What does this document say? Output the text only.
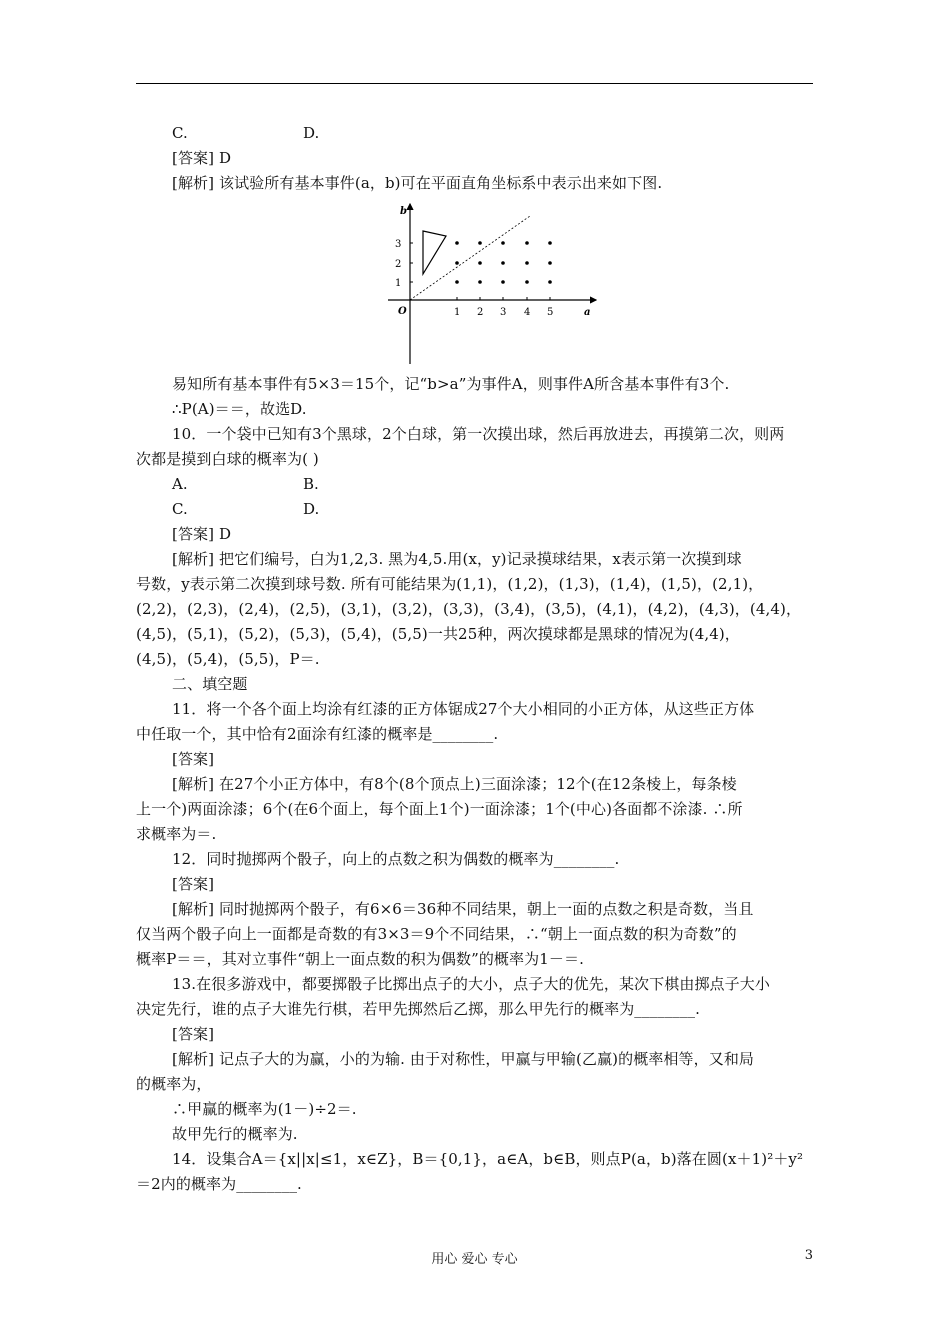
C.	D.
[答案] D
[解析] 该试验所有基本事件(a，b)可在平面直角坐标系中表示出来如下图.
b
a
O	1 2 3 4 5
1
2
3
易知所有基本事件有5×3＝15个，记“b>a”为事件A，则事件A所含基本事件有3个.
∴P(A)＝＝，故选D.
10．一个袋中已知有3个黑球，2个白球，第一次摸出球，然后再放进去，再摸第二次，则两
次都是摸到白球的概率为( )
A.	B.
C.	D.
[答案] D
[解析] 把它们编号，白为1,2,3. 黑为4,5.用(x，y)记录摸球结果，x表示第一次摸到球
号数，y表示第二次摸到球号数. 所有可能结果为(1,1)，(1,2)，(1,3)，(1,4)，(1,5)，(2,1)，
(2,2)，(2,3)，(2,4)，(2,5)，(3,1)，(3,2)，(3,3)，(3,4)，(3,5)，(4,1)，(4,2)，(4,3)，(4,4)，
(4,5)，(5,1)，(5,2)，(5,3)，(5,4)，(5,5)一共25种，两次摸球都是黑球的情况为(4,4)，
(4,5)，(5,4)，(5,5)，P＝.
二、填空题
11．将一个各个面上均涂有红漆的正方体锯成27个大小相同的小正方体，从这些正方体
中任取一个，其中恰有2面涂有红漆的概率是________.
[答案]
[解析] 在27个小正方体中，有8个(8个顶点上)三面涂漆；12个(在12条棱上，每条棱
上一个)两面涂漆；6个(在6个面上，每个面上1个)一面涂漆；1个(中心)各面都不涂漆. ∴所
求概率为＝.
12．同时抛掷两个骰子，向上的点数之积为偶数的概率为________.
[答案]
[解析] 同时抛掷两个骰子，有6×6＝36种不同结果，朝上一面的点数之积是奇数，当且
仅当两个骰子向上一面都是奇数的有3×3＝9个不同结果，∴“朝上一面点数的积为奇数”的
概率P＝＝，其对立事件“朝上一面点数的积为偶数”的概率为1－＝.
13.在很多游戏中，都要掷骰子比掷出点子的大小，点子大的优先，某次下棋由掷点子大小
决定先行，谁的点子大谁先行棋，若甲先掷然后乙掷，那么甲先行的概率为________.
[答案]
[解析] 记点子大的为赢，小的为输. 由于对称性，甲赢与甲输(乙赢)的概率相等，又和局
的概率为，
∴甲赢的概率为(1－)÷2＝.
故甲先行的概率为.
14．设集合A＝{x||x|≤1，x∈Z}，B＝{0,1}，a∈A，b∈B，则点P(a，b)落在圆(x＋1)²＋y²
＝2内的概率为________.
用心 爱心 专心	3
